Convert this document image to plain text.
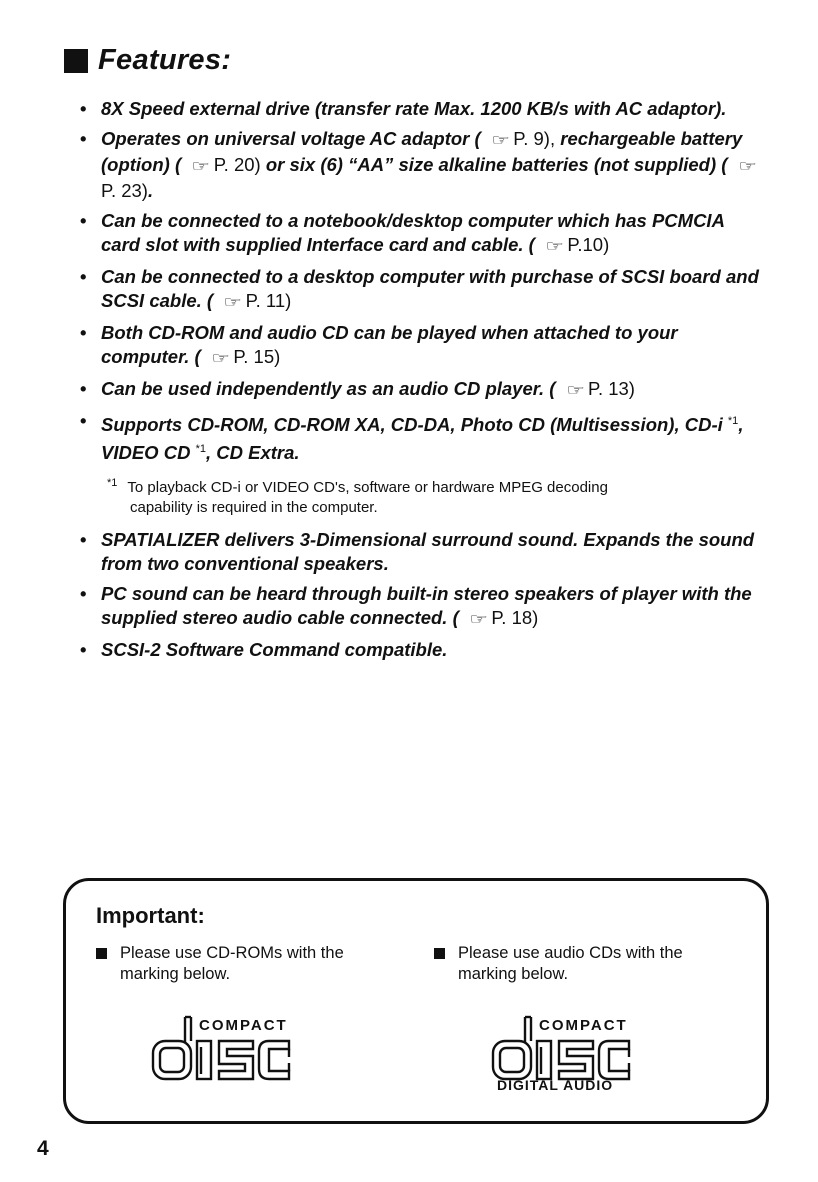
Features:
• 8X Speed external drive (transfer rate Max. 1200 KB/s with AC adaptor).
• Operates on universal voltage AC adaptor ( ☞ P. 9), rechargeable battery (option) ( ☞ P. 20) or six (6) “AA” size alkaline batteries (not supplied) ( ☞P. 23).
• Can be connected to a notebook/desktop computer which has PCMCIA card slot with supplied Interface card and cable. ( ☞ P.10)
• Can be connected to a desktop computer with purchase of SCSI board and SCSI cable. ( ☞ P. 11)
• Both CD-ROM and audio CD can be played when attached to your computer. ( ☞ P. 15)
• Can be used independently as an audio CD player. ( ☞ P. 13)
• Supports CD-ROM, CD-ROM XA, CD-DA, Photo CD (Multisession), CD-i $^{*1}$, VIDEO CD $^{*1}$, CD Extra.
$^{*1}$ To playback CD-i or VIDEO CD's, software or hardware MPEG decoding
capability is required in the computer.
• SPATIALIZER delivers 3-Dimensional surround sound. Expands the sound from two conventional speakers.
• PC sound can be heard through built-in stereo speakers of player with the supplied stereo audio cable connected. ( ☞ P. 18)
• SCSI-2 Software Command compatible.
Important:
Please use CD-ROMs with the marking below.
Please use audio CDs with the marking below.
COMPACT	COMPACT
DIGITAL AUDIO
4
